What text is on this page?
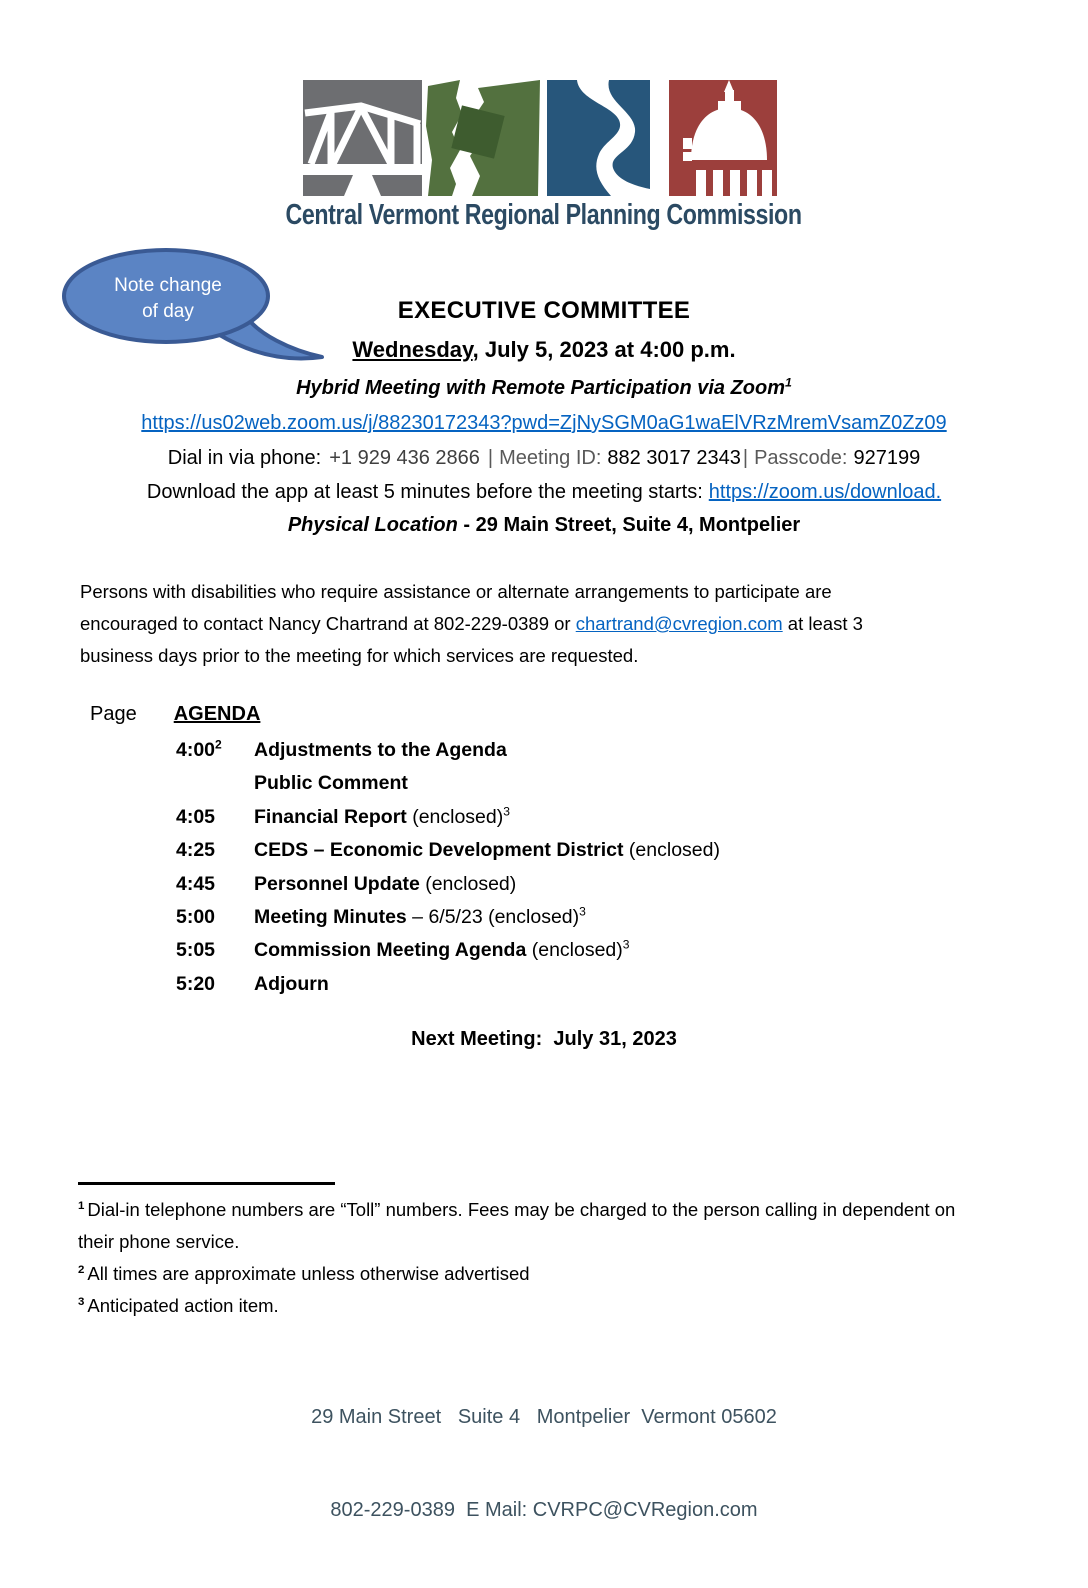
Central Vermont Regional Planning Commission
Note change
of day	EXECUTIVE COMMITTEE
Wednesday, July 5, 2023 at 4:00 p.m.
Hybrid Meeting with Remote Participation via Zoom$^1$
https://us02web.zoom.us/j/88230172343?pwd=ZjNySGM0aG1waElVRzMremVsamZ0Zz09
Dial in via phone: +1 929 436 2866 | Meeting ID: 882 3017 2343 | Passcode: 927199
Download the app at least 5 minutes before the meeting starts: https://zoom.us/download.
Physical Location - 29 Main Street, Suite 4, Montpelier
Persons with disabilities who require assistance or alternate arrangements to participate are encouraged to contact Nancy Chartrand at 802-229-0389 or chartrand@cvregion.com at least 3 business days prior to the meeting for which services are requested.
Page AGENDA
$4:00^2$	Adjustments to the Agenda
Public Comment
4:05	Financial Report (enclosed)$^3$
4:25	CEDS – Economic Development District (enclosed)
4:45	Personnel Update (enclosed)
5:00	Meeting Minutes – 6/5/23 (enclosed)$^3$
5:05	Commission Meeting Agenda (enclosed)$^3$
5:20	Adjourn
Next Meeting:  July 31, 2023
$^1$ Dial-in telephone numbers are “Toll” numbers. Fees may be charged to the person calling in dependent on their phone service.
$^2$ All times are approximate unless otherwise advertised
$^3$ Anticipated action item.

29 Main Street   Suite 4   Montpelier  Vermont 05602

802-229-0389  E Mail: CVRPC@CVRegion.com
